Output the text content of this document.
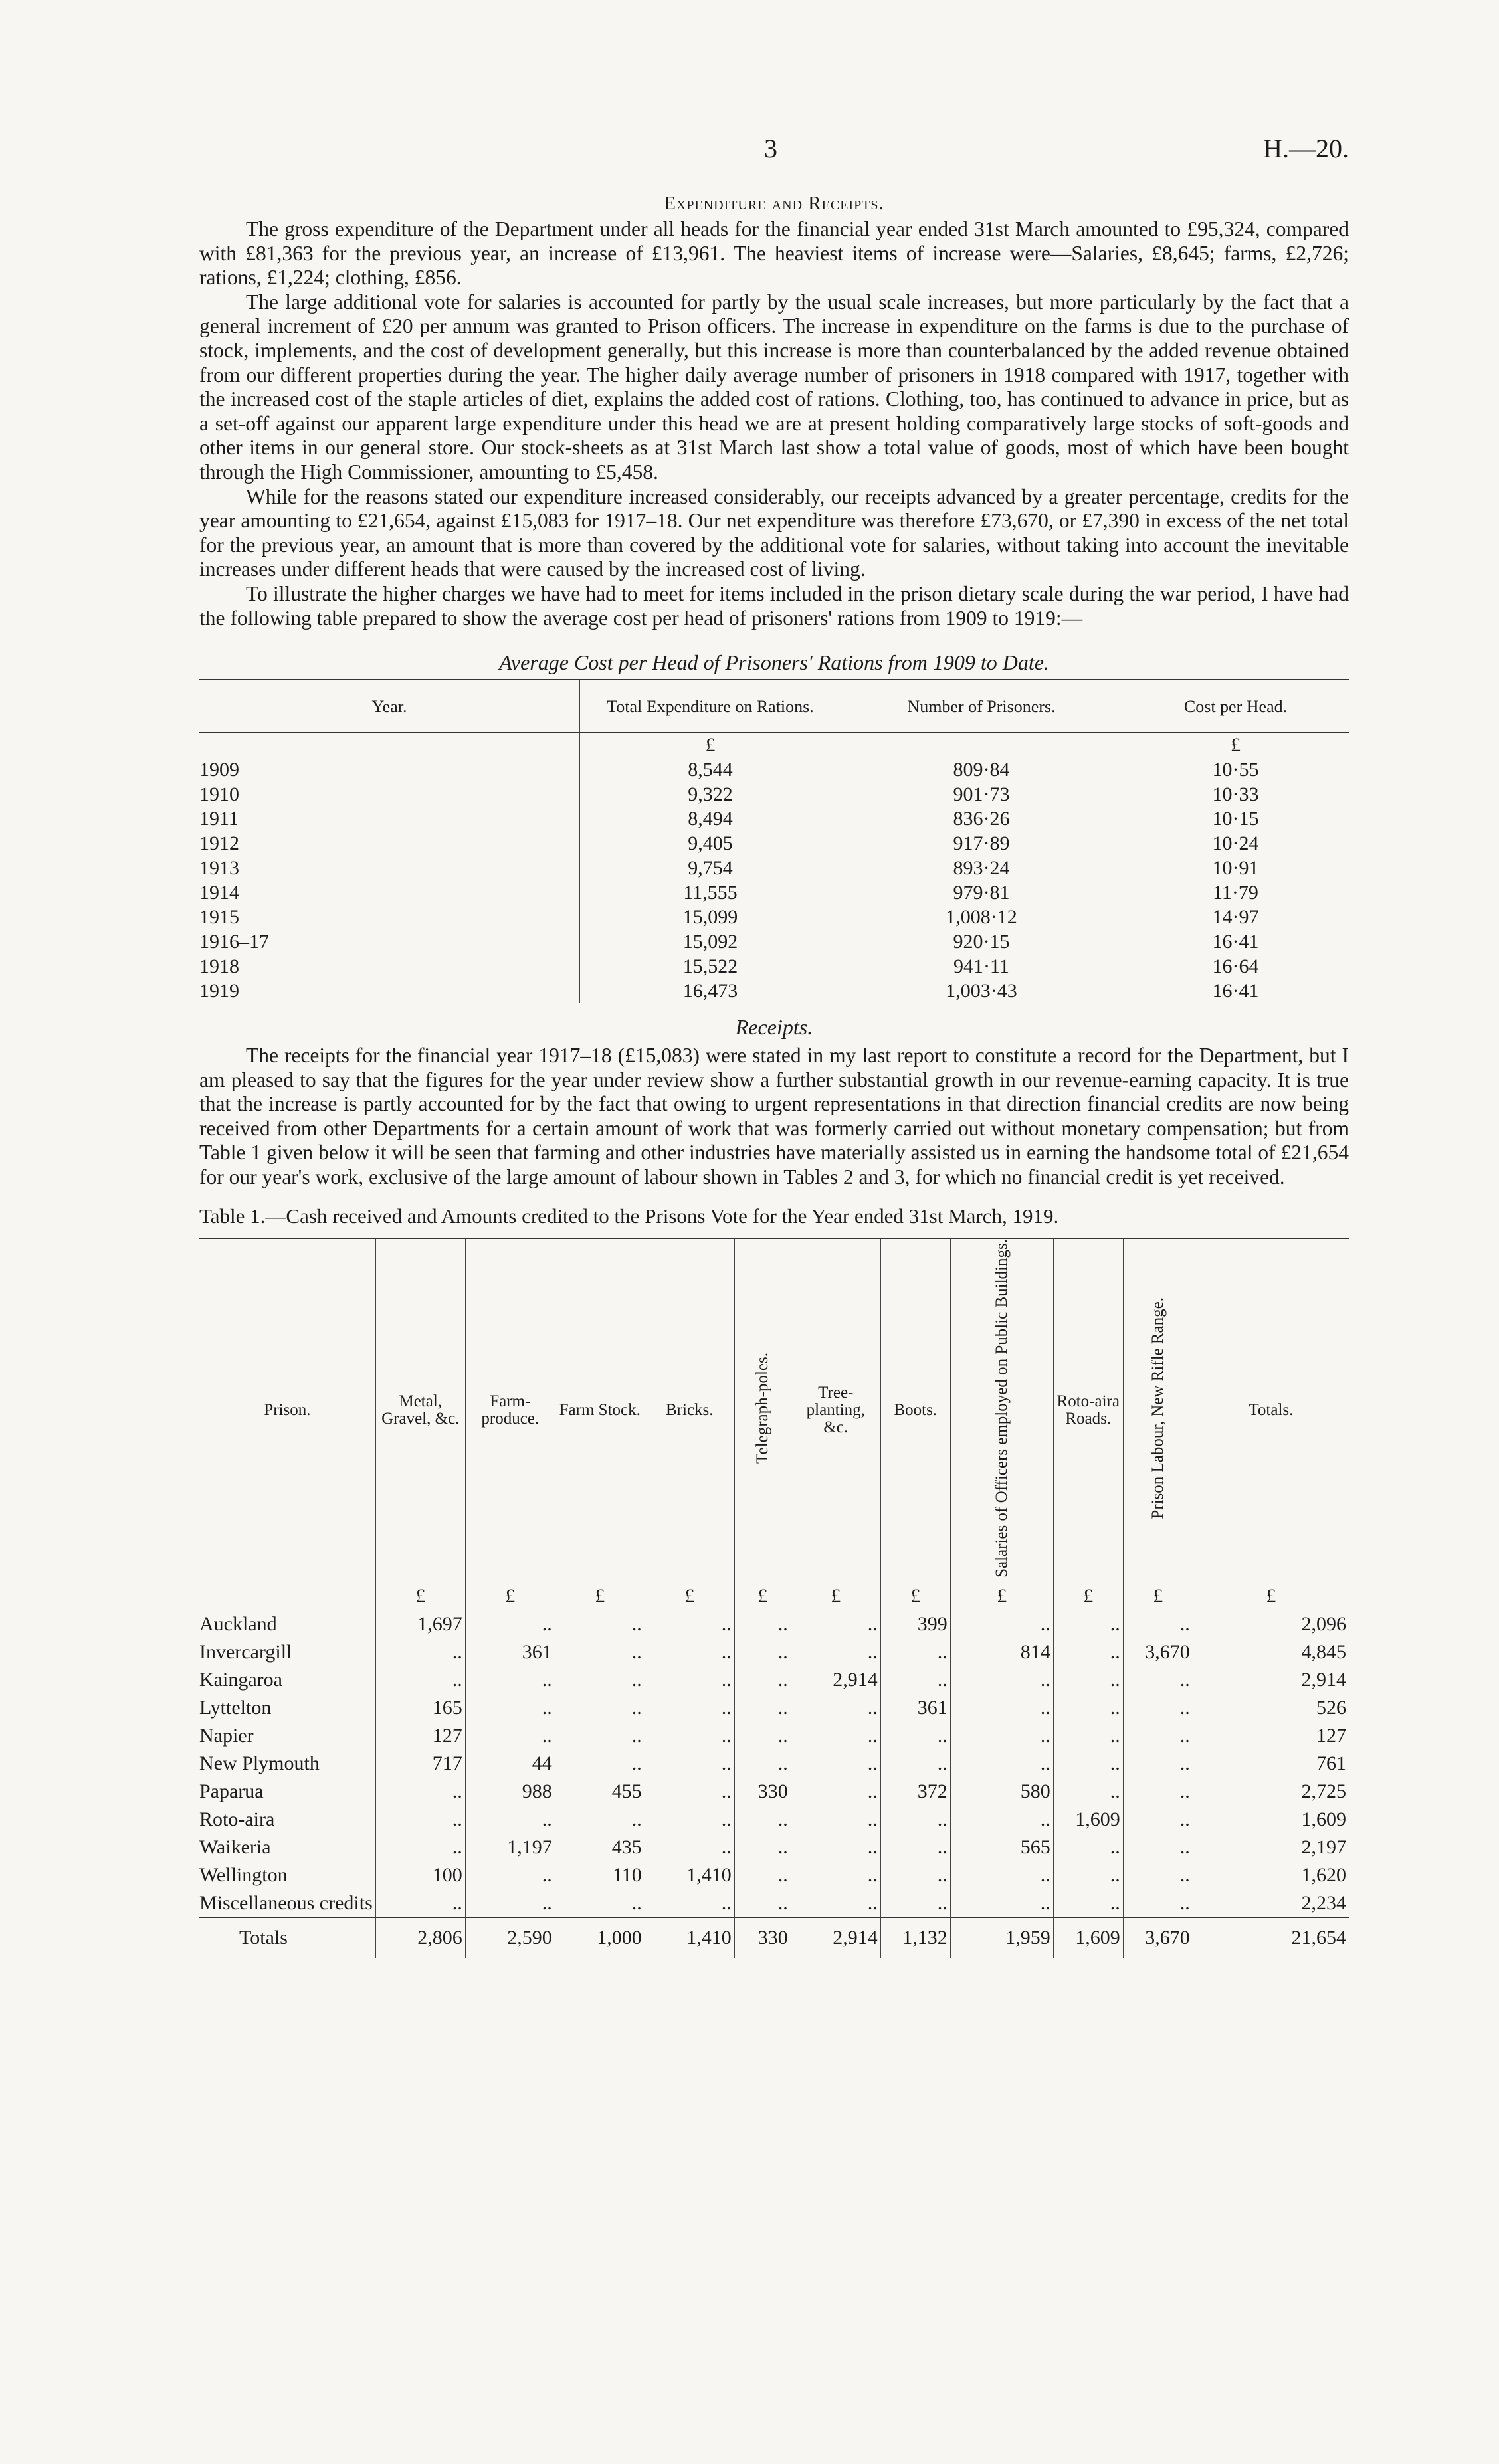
3	H.—20.
Expenditure and Receipts.

The gross expenditure of the Department under all heads for the financial year ended 31st March amounted to £95,324, compared with £81,363 for the previous year, an increase of £13,961. The heaviest items of increase were—Salaries, £8,645; farms, £2,726; rations, £1,224; clothing, £856.

The large additional vote for salaries is accounted for partly by the usual scale increases, but more particularly by the fact that a general increment of £20 per annum was granted to Prison officers. The increase in expenditure on the farms is due to the purchase of stock, implements, and the cost of development generally, but this increase is more than counterbalanced by the added revenue obtained from our different properties during the year. The higher daily average number of prisoners in 1918 compared with 1917, together with the increased cost of the staple articles of diet, explains the added cost of rations. Clothing, too, has continued to advance in price, but as a set-off against our apparent large expenditure under this head we are at present holding comparatively large stocks of soft-goods and other items in our general store. Our stock-sheets as at 31st March last show a total value of goods, most of which have been bought through the High Commissioner, amounting to £5,458.

While for the reasons stated our expenditure increased considerably, our receipts advanced by a greater percentage, credits for the year amounting to £21,654, against £15,083 for 1917–18. Our net expenditure was therefore £73,670, or £7,390 in excess of the net total for the previous year, an amount that is more than covered by the additional vote for salaries, without taking into account the inevitable increases under different heads that were caused by the increased cost of living.

To illustrate the higher charges we have had to meet for items included in the prison dietary scale during the war period, I have had the following table prepared to show the average cost per head of prisoners' rations from 1909 to 1919:—

Average Cost per Head of Prisoners' Rations from 1909 to Date.
Year.	Total Expenditure on Rations.	Number of Prisoners.	Cost per Head.
	£		£
1909	8,544	809·84	10·55
1910	9,322	901·73	10·33
1911	8,494	836·26	10·15
1912	9,405	917·89	10·24
1913	9,754	893·24	10·91
1914	11,555	979·81	11·79
1915	15,099	1,008·12	14·97
1916–17	15,092	920·15	16·41
1918	15,522	941·11	16·64
1919	16,473	1,003·43	16·41
Receipts.

The receipts for the financial year 1917–18 (£15,083) were stated in my last report to constitute a record for the Department, but I am pleased to say that the figures for the year under review show a further substantial growth in our revenue-earning capacity. It is true that the increase is partly accounted for by the fact that owing to urgent representations in that direction financial credits are now being received from other Departments for a certain amount of work that was formerly carried out without monetary compensation; but from Table 1 given below it will be seen that farming and other industries have materially assisted us in earning the handsome total of £21,654 for our year's work, exclusive of the large amount of labour shown in Tables 2 and 3, for which no financial credit is yet received.

Table 1.—Cash received and Amounts credited to the Prisons Vote for the Year ended 31st March, 1919.
Prison.	Metal, Gravel, &c.	Farm-produce.	Farm Stock.	Bricks.	Telegraph-poles.	Tree-planting, &c.	Boots.	Salaries of Officers employed on Public Buildings.	Roto-aira Roads.	Prison Labour, New Rifle Range.	Totals.
	£	£	£	£	£	£	£	£	£	£	£
Auckland	1,697	..	..	..	..	..	399	..	..	..	2,096
Invercargill	..	361	..	..	..	..	..	814	..	3,670	4,845
Kaingaroa	..	..	..	..	..	2,914	..	..	..	..	2,914
Lyttelton	165	..	..	..	..	..	361	..	..	..	526
Napier	127	..	..	..	..	..	..	..	..	..	127
New Plymouth	717	44	..	..	..	..	..	..	..	..	761
Paparua	..	988	455	..	330	..	372	580	..	..	2,725
Roto-aira	..	..	..	..	..	..	..	..	1,609	..	1,609
Waikeria	..	1,197	435	..	..	..	..	565	..	..	2,197
Wellington	100	..	110	1,410	..	..	..	..	..	..	1,620
Miscellaneous credits	..	..	..	..	..	..	..	..	..	..	2,234
Totals	2,806	2,590	1,000	1,410	330	2,914	1,132	1,959	1,609	3,670	21,654
